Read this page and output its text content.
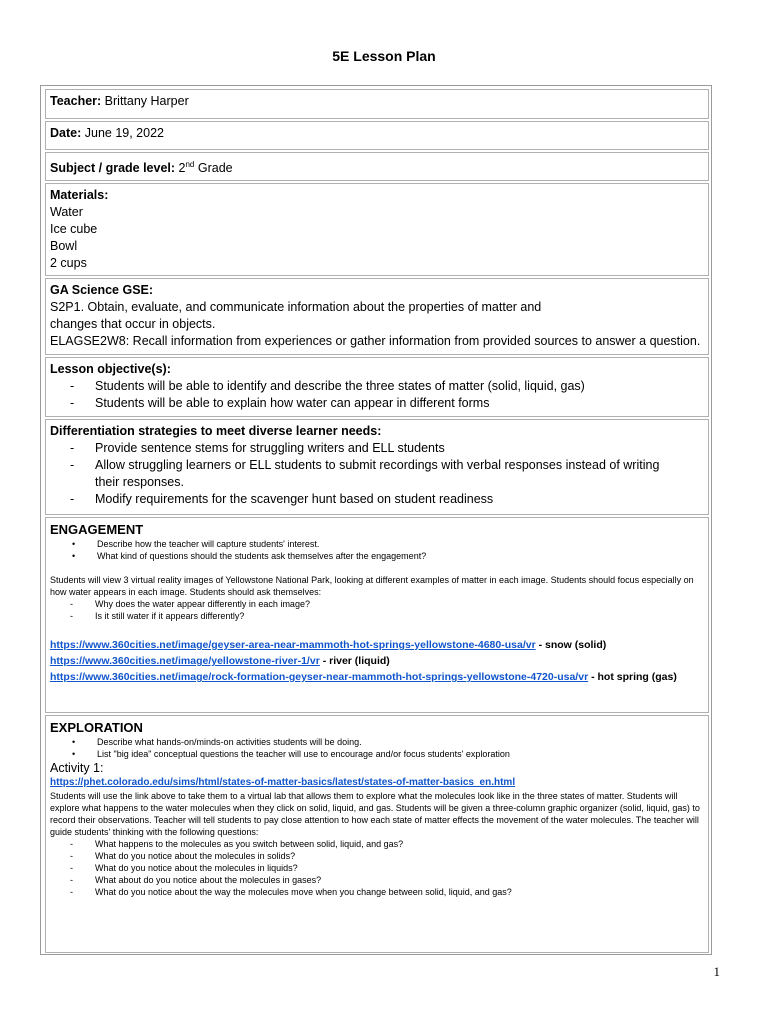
5E Lesson Plan
Teacher: Brittany Harper
Date: June 19, 2022
Subject / grade level: 2nd Grade
Materials:
Water
Ice cube
Bowl
2 cups
GA Science GSE:
S2P1. Obtain, evaluate, and communicate information about the properties of matter and
changes that occur in objects.
ELAGSE2W8: Recall information from experiences or gather information from provided sources to answer a question.
Lesson objective(s):
- Students will be able to identify and describe the three states of matter (solid, liquid, gas)
- Students will be able to explain how water can appear in different forms
Differentiation strategies to meet diverse learner needs:
- Provide sentence stems for struggling writers and ELL students
- Allow struggling learners or ELL students to submit recordings with verbal responses instead of writing their responses.
- Modify requirements for the scavenger hunt based on student readiness
ENGAGEMENT
• Describe how the teacher will capture students' interest.
• What kind of questions should the students ask themselves after the engagement?
Students will view 3 virtual reality images of Yellowstone National Park, looking at different examples of matter in each image. Students should focus especially on how water appears in each image. Students should ask themselves:
- Why does the water appear differently in each image?
- Is it still water if it appears differently?
https://www.360cities.net/image/geyser-area-near-mammoth-hot-springs-yellowstone-4680-usa/vr - snow (solid)
https://www.360cities.net/image/yellowstone-river-1/vr - river (liquid)
https://www.360cities.net/image/rock-formation-geyser-near-mammoth-hot-springs-yellowstone-4720-usa/vr - hot spring (gas)
EXPLORATION
• Describe what hands-on/minds-on activities students will be doing.
• List "big idea" conceptual questions the teacher will use to encourage and/or focus students' exploration
Activity 1:
https://phet.colorado.edu/sims/html/states-of-matter-basics/latest/states-of-matter-basics_en.html
Students will use the link above to take them to a virtual lab that allows them to explore what the molecules look like in the three states of matter. Students will explore what happens to the water molecules when they click on solid, liquid, and gas. Students will be given a three-column graphic organizer (solid, liquid, gas) to record their observations. Teacher will tell students to pay close attention to how each state of matter effects the movement of the water molecules. The teacher will guide students' thinking with the following questions:
- What happens to the molecules as you switch between solid, liquid, and gas?
- What do you notice about the molecules in solids?
- What do you notice about the molecules in liquids?
- What about do you notice about the molecules in gases?
- What do you notice about the way the molecules move when you change between solid, liquid, and gas?
1
